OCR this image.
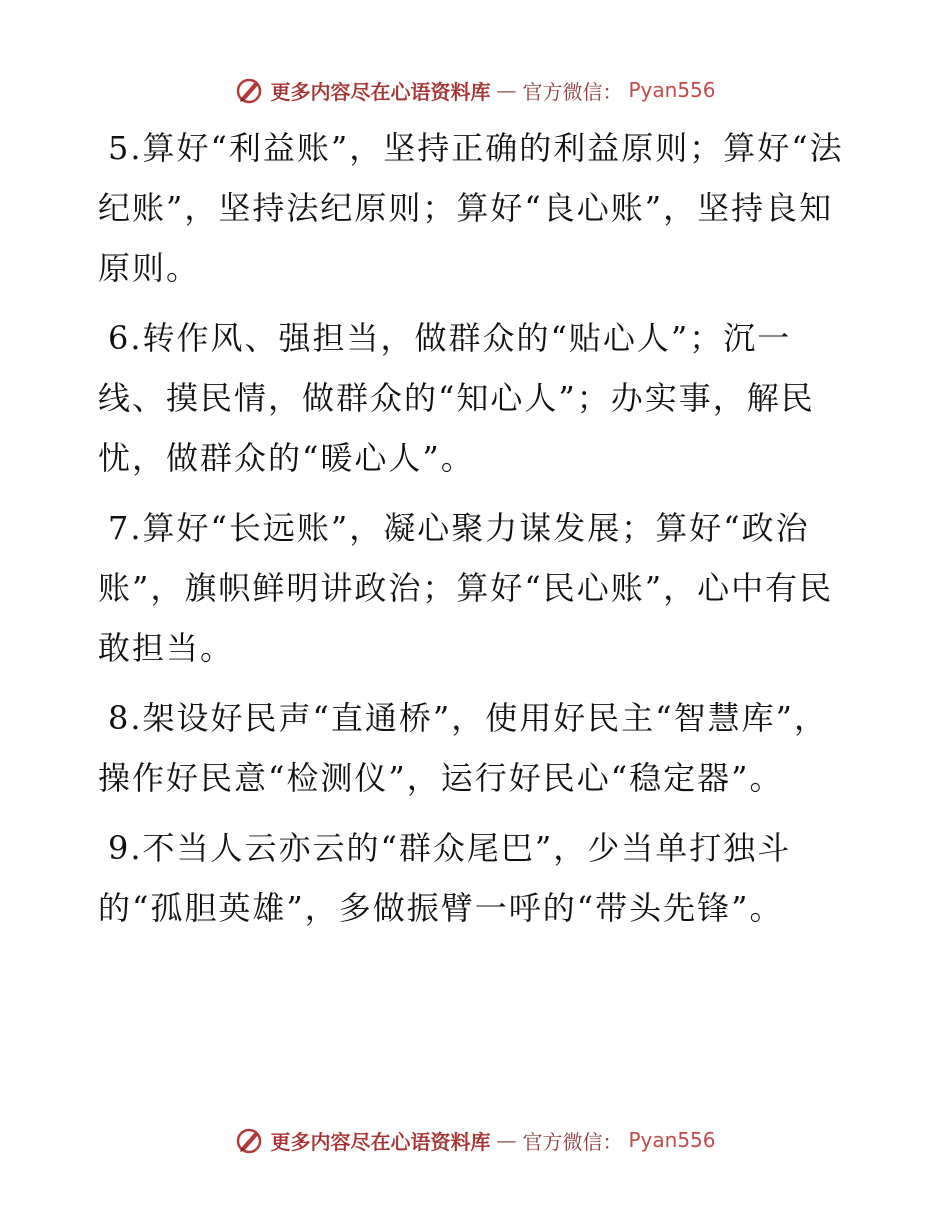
更多内容尽在心语资料库 — 官方微信： Pyan556

5.算好“利益账”，坚持正确的利益原则；算好“法纪账”，坚持法纪原则；算好“良心账”，坚持良知原则。

6.转作风、强担当，做群众的“贴心人”；沉一线、摸民情，做群众的“知心人”；办实事，解民忧，做群众的“暖心人”。

7.算好“长远账”，凝心聚力谋发展；算好“政治账”，旗帜鲜明讲政治；算好“民心账”，心中有民敢担当。

8.架设好民声“直通桥”，使用好民主“智慧库”，操作好民意“检测仪”，运行好民心“稳定器”。

9.不当人云亦云的“群众尾巴”，少当单打独斗的“孤胆英雄”，多做振臂一呼的“带头先锋”。

更多内容尽在心语资料库 — 官方微信： Pyan556
